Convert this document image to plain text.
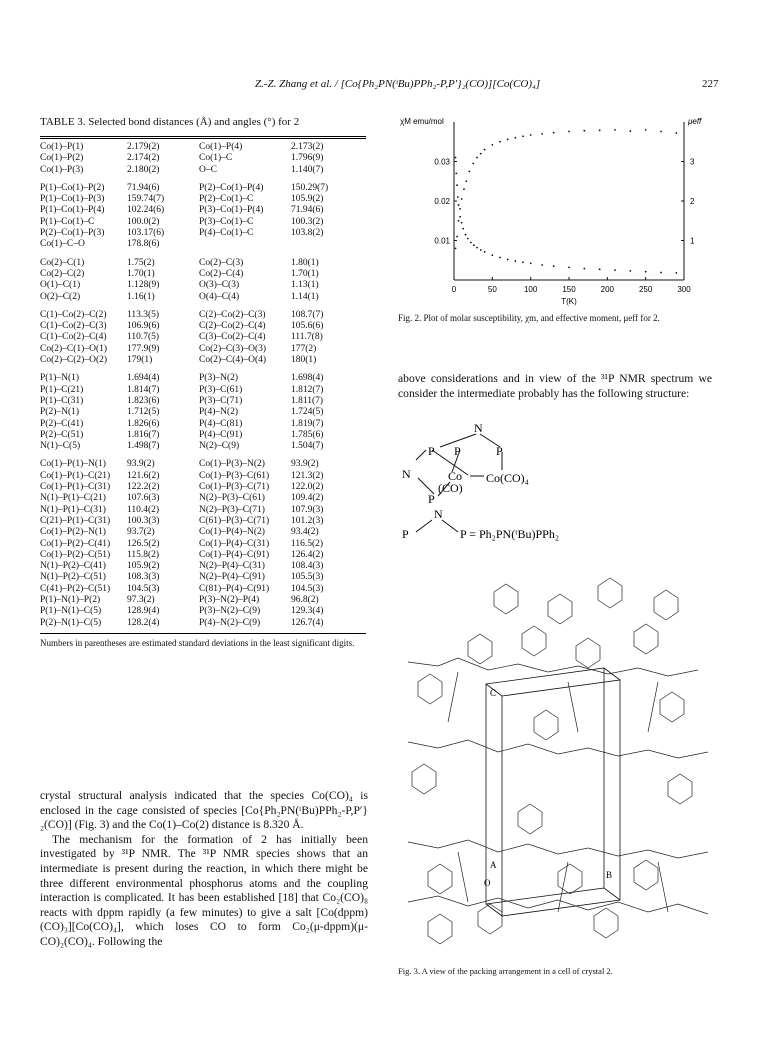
Z.-Z. Zhang et al. / [Co{Ph₂PN(ᵗBu)PPh₂-P,P′}₂(CO)][Co(CO)₄]	227
TABLE 3. Selected bond distances (Å) and angles (°) for 2
Co(1)–P(1)	2.179(2)	Co(1)–P(4)	2.173(2)
Co(1)–P(2)	2.174(2)	Co(1)–C	1.796(9)
Co(1)–P(3)	2.180(2)	O–C	1.140(7)
P(1)–Co(1)–P(2)	71.94(6)	P(2)–Co(1)–P(4)	150.29(7)
P(1)–Co(1)–P(3)	159.74(7)	P(2)–Co(1)–C	105.9(2)
P(1)–Co(1)–P(4)	102.24(6)	P(3)–Co(1)–P(4)	71.94(6)
P(1)–Co(1)–C	100.0(2)	P(3)–Co(1)–C	100.3(2)
P(2)–Co(1)–P(3)	103.17(6)	P(4)–Co(1)–C	103.8(2)
Co(1)–C–O	178.8(6)
Co(2)–C(1)	1.75(2)	Co(2)–C(3)	1.80(1)
Co(2)–C(2)	1.70(1)	Co(2)–C(4)	1.70(1)
O(1)–C(1)	1.128(9)	O(3)–C(3)	1.13(1)
O(2)–C(2)	1.16(1)	O(4)–C(4)	1.14(1)
C(1)–Co(2)–C(2)	113.3(5)	C(2)–Co(2)–C(3)	108.7(7)
C(1)–Co(2)–C(3)	106.9(6)	C(2)–Co(2)–C(4)	105.6(6)
C(1)–Co(2)–C(4)	110.7(5)	C(3)–Co(2)–C(4)	111.7(8)
Co(2)–C(1)–O(1)	177.9(9)	Co(2)–C(3)–O(3)	177(2)
Co(2)–C(2)–O(2)	179(1)	Co(2)–C(4)–O(4)	180(1)
P(1)–N(1)	1.694(4)	P(3)–N(2)	1.698(4)
P(1)–C(21)	1.814(7)	P(3)–C(61)	1.812(7)
P(1)–C(31)	1.823(6)	P(3)–C(71)	1.811(7)
P(2)–N(1)	1.712(5)	P(4)–N(2)	1.724(5)
P(2)–C(41)	1.826(6)	P(4)–C(81)	1.819(7)
P(2)–C(51)	1.816(7)	P(4)–C(91)	1.785(6)
N(1)–C(5)	1.498(7)	N(2)–C(9)	1.504(7)
Co(1)–P(1)–N(1)	93.9(2)	Co(1)–P(3)–N(2)	93.9(2)
Co(1)–P(1)–C(21)	121.6(2)	Co(1)–P(3)–C(61)	121.3(2)
Co(1)–P(1)–C(31)	122.2(2)	Co(1)–P(3)–C(71)	122.0(2)
N(1)–P(1)–C(21)	107.6(3)	N(2)–P(3)–C(61)	109.4(2)
N(1)–P(1)–C(31)	110.4(2)	N(2)–P(3)–C(71)	107.9(3)
C(21)–P(1)–C(31)	100.3(3)	C(61)–P(3)–C(71)	101.2(3)
Co(1)–P(2)–N(1)	93.7(2)	Co(1)–P(4)–N(2)	93.4(2)
Co(1)–P(2)–C(41)	126.5(2)	Co(1)–P(4)–C(31)	116.5(2)
Co(1)–P(2)–C(51)	115.8(2)	Co(1)–P(4)–C(91)	126.4(2)
N(1)–P(2)–C(41)	105.9(2)	N(2)–P(4)–C(31)	108.4(3)
N(1)–P(2)–C(51)	108.3(3)	N(2)–P(4)–C(91)	105.5(3)
C(41)–P(2)–C(51)	104.5(3)	C(81)–P(4)–C(91)	104.5(3)
P(1)–N(1)–P(2)	97.3(2)	P(3)–N(2)–P(4)	96.8(2)
P(1)–N(1)–C(5)	128.9(4)	P(3)–N(2)–C(9)	129.3(4)
P(2)–N(1)–C(5)	128.2(4)	P(4)–N(2)–C(9)	126.7(4)
Numbers in parentheses are estimated standard deviations in the least significant digits.

crystal structural analysis indicated that the species Co(CO)₄ is enclosed in the cage consisted of species [Co{Ph₂PN(ᵗBu)PPh₂-P,P′}₂(CO)] (Fig. 3) and the Co(1)–Co(2) distance is 8.320 Å.

The mechanism for the formation of 2 has initially been investigated by ³¹P NMR. The ³¹P NMR species shows that an intermediate is present during the reaction, in which there might be three different environmental phosphorus atoms and the coupling interaction is complicated. It has been established [18] that Co₂(CO)₈ reacts with dppm rapidly (a few minutes) to give a salt [Co(dppm)(CO)₃][Co(CO)₄], which loses CO to form Co₂(μ-dppm)(μ-CO)₂(CO)₄. Following the

0	50	100	150	200	250	300
0.01
0.02
0.03
1
2
3
T(K)
χM emu/mol	μeff
Fig. 2. Plot of molar susceptibility, χm, and effective moment, μeff for 2.

above considerations and in view of the ³¹P NMR spectrum we consider the intermediate probably has the following structure:

N
P P	P
N	Co Co(CO)₄
(CO)
P
N
P	P = Ph₂PN(ᵗBu)PPh₂
C
A
O
B
Fig. 3. A view of the packing arrangement in a cell of crystal 2.
